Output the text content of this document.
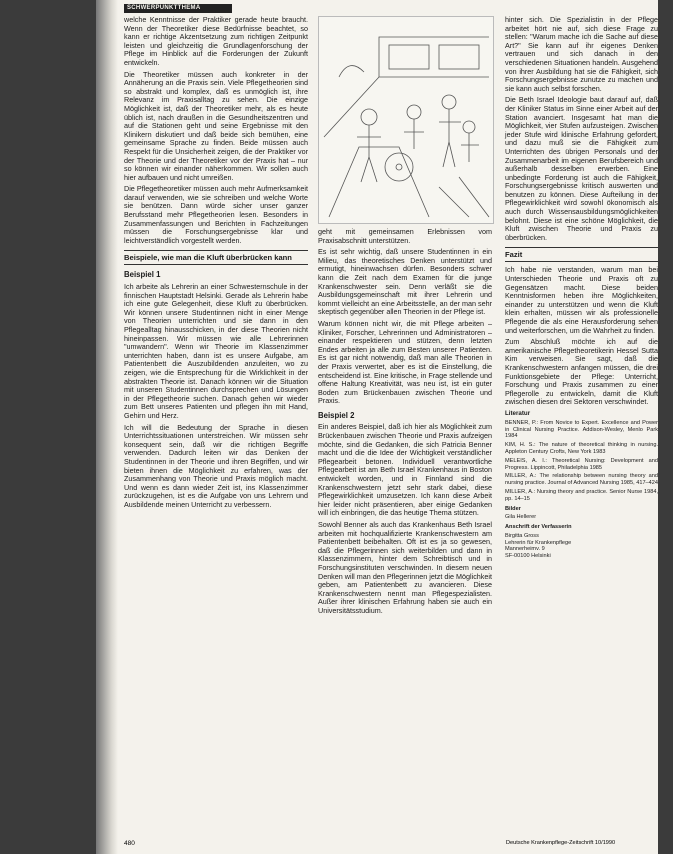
SCHWERPUNKTTHEMA

welche Kenntnisse der Praktiker gerade heute braucht. Wenn der Theoretiker diese Bedürfnisse beachtet, so kann er richtige Akzentsetzung zum richtigen Zeitpunkt leisten und gleichzeitig die Grundlagenforschung der Pflege im Hinblick auf die Forderungen der Zukunft entwickeln.

Die Theoretiker müssen auch konkreter in der Annäherung an die Praxis sein. Viele Pflegetheorien sind so abstrakt und komplex, daß es unmöglich ist, ihre Relevanz im Praxisalltag zu sehen. Die einzige Möglichkeit ist, daß der Theoretiker mehr, als es heute üblich ist, nach draußen in die Gesundheitszentren und auf die Stationen geht und seine Ergebnisse mit den Klinikern diskutiert und daß beide sich bemühen, eine gemeinsame Sprache zu finden. Beide müssen auch Respekt für die Unsicherheit zeigen, die der Praktiker vor der Theorie und der Theoretiker vor der Praxis hat – nur so können wir einander näherkommen. Wir sollen auch hier aufbauen und nicht umreißen.

Die Pflegetheoretiker müssen auch mehr Aufmerksamkeit darauf verwenden, wie sie schreiben und welche Worte sie benützen. Dann würde sicher unser ganzer Berufsstand mehr Pflegetheorien lesen. Besonders in Zusammenfassungen und Berichten in Fachzeitungen müssen die Forschungsergebnisse klar und leichtverständlich vorgestellt werden.

Beispiele, wie man die Kluft überbrücken kann
Beispiel 1

Ich arbeite als Lehrerin an einer Schwesternschule in der finnischen Hauptstadt Helsinki. Gerade als Lehrerin habe ich eine gute Gelegenheit, diese Kluft zu überbrücken. Wir können unsere Studentinnen nicht in einer Menge von Theorien unterrichten und sie dann in den Pflegealltag hinausschicken, in der diese Theorien nicht hineinpassen. Wir müssen wie alle Lehrerinnen "umwandern". Wenn wir Theorie im Klassenzimmer unterrichten haben, dann ist es unsere Aufgabe, am Patientenbett die Auszubildenden anzuleiten, wo zu zeigen, wie die Entsprechung für die Wirklichkeit in der abstrakten Theorie ist. Danach können wir die Situation mit unseren Studentinnen durchsprechen und Lösungen in der Pflegetheorie suchen. Danach gehen wir wieder zum Bett unseres Patienten und pflegen ihn mit Hand, Gehirn und Herz.

Ich will die Bedeutung der Sprache in diesen Unterrichtssituationen unterstreichen. Wir müssen sehr konsequent sein, daß wir die richtigen Begriffe verwenden. Dadurch leiten wir das Denken der Studentinnen in der Theorie und ihren Begriffen, und wir bieten ihnen die Möglichkeit zu erfahren, was der Zusammenhang von Theorie und Praxis möglich macht. Und wenn es dann wieder Zeit ist, ins Klassenzimmer zurückzugehen, ist es die Aufgabe von uns Lehrern und Ausbildende meinen Unterricht zu verbessern.

geht mit gemeinsamen Erlebnissen vom Praxisabschnitt unterstützen.

Es ist sehr wichtig, daß unsere Studentinnen in ein Milieu, das theoretisches Denken unterstützt und ermutigt, hineinwachsen dürfen. Besonders schwer kann die Zeit nach dem Examen für die junge Krankenschwester sein. Denn verläßt sie die Ausbildungsgemeinschaft mit ihrer Lehrerin und kommt vielleicht an eine Arbeitsstelle, an der man sehr skeptisch gegenüber allen Theorien in der Pflege ist.

Warum können nicht wir, die mit Pflege arbeiten – Kliniker, Forscher, Lehrerinnen und Administratoren – einander respektieren und stützen, denn letzten Endes arbeiten ja alle zum Besten unserer Patienten. Es ist gar nicht notwendig, daß man alle Theorien in der Praxis verwertet, aber es ist die Einstellung, die entscheidend ist. Eine kritische, in Frage stellende und offene Haltung Kreativität, was neu ist, ist ein guter Boden zum Brückenbauen zwischen Theorie und Praxis.

Beispiel 2

Ein anderes Beispiel, daß ich hier als Möglichkeit zum Brückenbauen zwischen Theorie und Praxis aufzeigen möchte, sind die Gedanken, die sich Patricia Benner macht und die die Idee der Wichtigkeit verständlicher Pflegearbeit betonen. Individuell verantwortliche Pflegearbeit ist am Beth Israel Krankenhaus in Boston entwickelt worden, und in Finnland sind die Krankenschwestern jetzt sehr stark dabei, diese Pflegewirklichkeit umzusetzen. Ich kann diese Arbeit hier leider nicht präsentieren, aber einige Gedanken will ich einbringen, die das heutige Thema stützen.

Sowohl Benner als auch das Krankenhaus Beth Israel arbeiten mit hochqualifizierte Krankenschwestern am Patientenbett beibehalten. Oft ist es ja so gewesen, daß die Pflegerinnen sich weiterbilden und dann in Klassenzimmern, hinter dem Schreibtisch und in Forschungsinstituten verschwinden. In diesem neuen Denken will man den Pflegerinnen jetzt die Möglichkeit geben, am Patientenbett zu avancieren. Diese Krankenschwestern nennt man Pflegespezialisten. Außer ihrer klinischen Erfahrung haben sie auch ein Universitätsstudium.

hinter sich. Die Spezialistin in der Pflege arbeitet hört nie auf, sich diese Frage zu stellen: "Warum mache ich die Sache auf diese Art?" Sie kann auf ihr eigenes Denken vertrauen und sich danach in den verschiedenen Situationen handeln. Ausgehend von ihrer Ausbildung hat sie die Fähigkeit, sich Forschungsergebnisse zunutze zu machen und sie kann auch selbst forschen.

Die Beth Israel Ideologie baut darauf auf, daß der Kliniker Status im Sinne einer Arbeit auf der Station avanciert. Insgesamt hat man die Möglichkeit, vier Stufen aufzusteigen. Zwischen jeder Stufe wird klinische Erfahrung gefordert, und dazu muß sie die Fähigkeit zum Unterrichten des übrigen Personals und der Zusammenarbeit im eigenen Berufsbereich und außerhalb desselben erwerben. Eine unbedingte Forderung ist auch die Fähigkeit, Forschungsergebnisse kritisch auswerten und benutzen zu können. Diese Aufteilung in der Pflegewirklichkeit wird sowohl ökonomisch als auch durch Wissensausbildungsmöglichkeiten belohnt. Diese ist eine schöne Möglichkeit, die Kluft zwischen Theorie und Praxis zu überbrücken.

Fazit

Ich habe nie verstanden, warum man bei Unterschieden Theorie und Praxis oft zu Gegensätzen macht. Diese beiden Kenntnisformen heben ihre Möglichkeiten, einander zu unterstützen und wenn die Kluft klein erhalten, müssen wir als professionelle Pflegende die als eine Herausforderung sehen und weiterforschen, um die Wahrheit zu finden.

Zum Abschluß möchte ich auf die amerikanische Pflegetheoretikerin Hessel Sutta Kim verweisen. Sie sagt, daß die Krankenschwestern anfangen müssen, die drei Funktionsgebiete der Pflege: Unterricht, Forschung und Praxis zusammen zu einer Pflegerolle zu entwickeln, damit die Kluft zwischen diesen drei Sektoren verschwindet.

Literatur

BENNER, P.: From Novice to Expert. Excellence and Power in Clinical Nursing Practice. Addison-Wesley, Menlo Park 1984

KIM, H. S.: The nature of theoretical thinking in nursing. Appleton Century Crofts, New York 1983

MELEIS, A. I.: Theoretical Nursing: Development and Progress. Lippincott, Philadelphia 1985

MILLER, A.: The relationship between nursing theory and nursing practice. Journal of Advanced Nursing 1985, 417–424

MILLER, A.: Nursing theory and practice. Senior Nurse 1984, pp. 14–15

Bilder

Gila Hellerer

Anschrift der Verfasserin

Birgitta Gross

Lehrerin für Krankenpflege

Mannerheimv. 9

SF-00100 Helsinki

480	Deutsche Krankenpflege-Zeitschrift 10/1990
